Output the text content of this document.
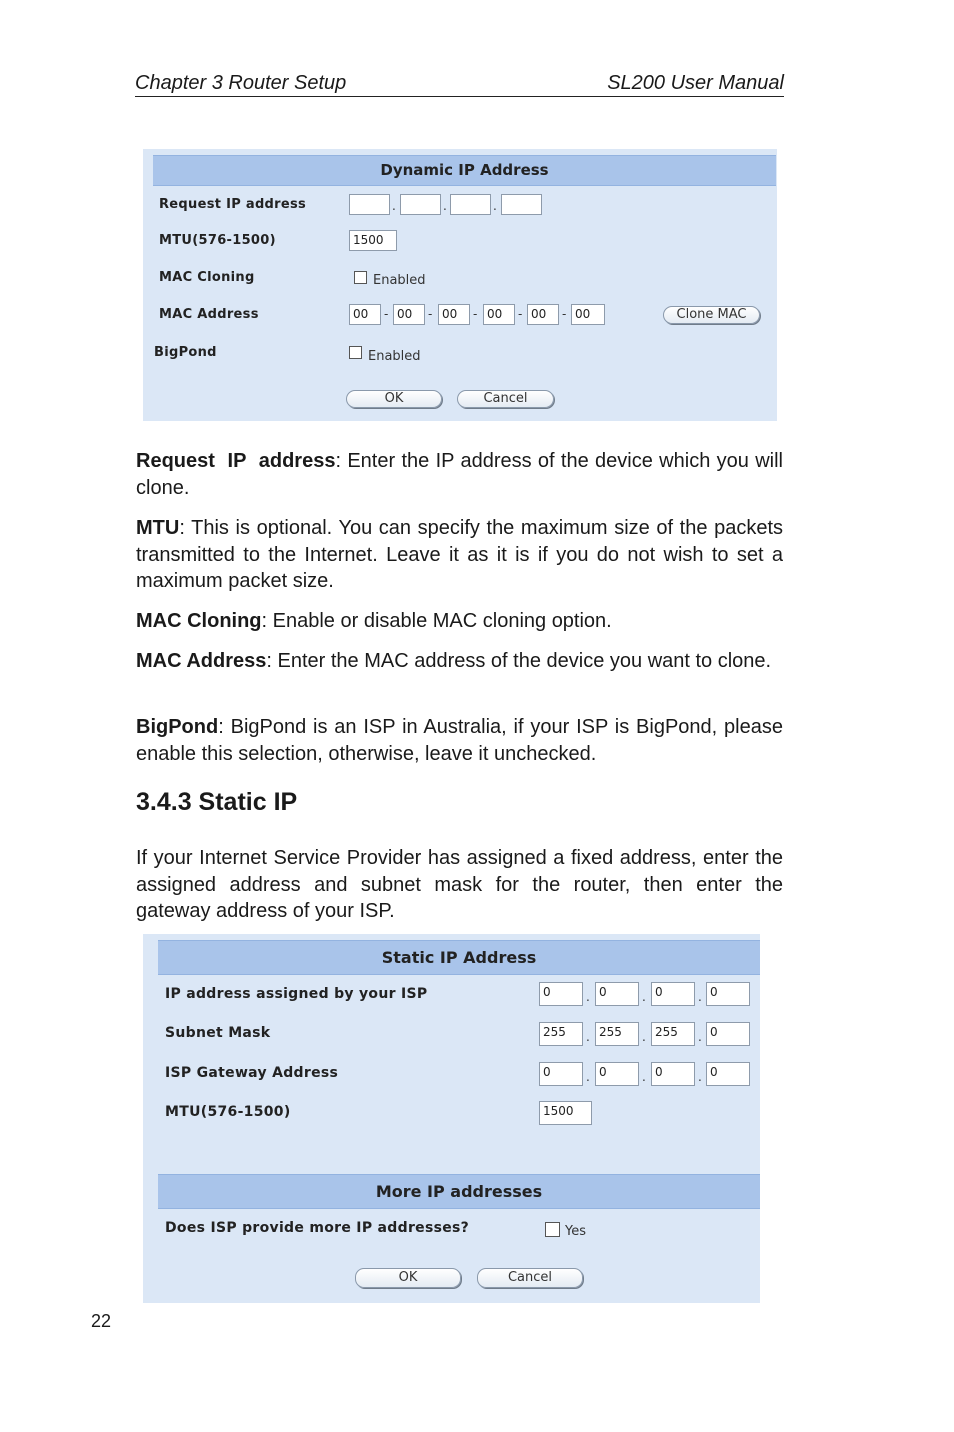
Chapter 3 Router Setup	SL200 User Manual
Dynamic IP Address
Request IP address	.	.	.
MTU(576-1500)	1500
MAC Cloning	Enabled
MAC Address	00	- 00	- 00	- 00	- 00	- 00	Clone MAC
BigPond	Enabled
OK	Cancel
Request  IP  address: Enter the IP address of the device which you will clone.
MTU: This is optional. You can specify the maximum size of the packets transmitted to the Internet. Leave it as it is if you do not wish to set a maximum packet size.
MAC Cloning: Enable or disable MAC cloning option.
MAC Address: Enter the MAC address of the device you want to clone.
BigPond: BigPond is an ISP in Australia, if your ISP is BigPond, please enable this selection, otherwise, leave it unchecked.
3.4.3 Static IP
If your Internet Service Provider has assigned a fixed address, enter the assigned address and subnet mask for the router, then enter the gateway address of your ISP.
Static IP Address
IP address assigned by your ISP	0	. 0	. 0	. 0
Subnet Mask	255	. 255	. 255	. 0
ISP Gateway Address	0	. 0	. 0	. 0
MTU(576-1500)	1500
More IP addresses
Does ISP provide more IP addresses?	Yes
OK	Cancel
22
